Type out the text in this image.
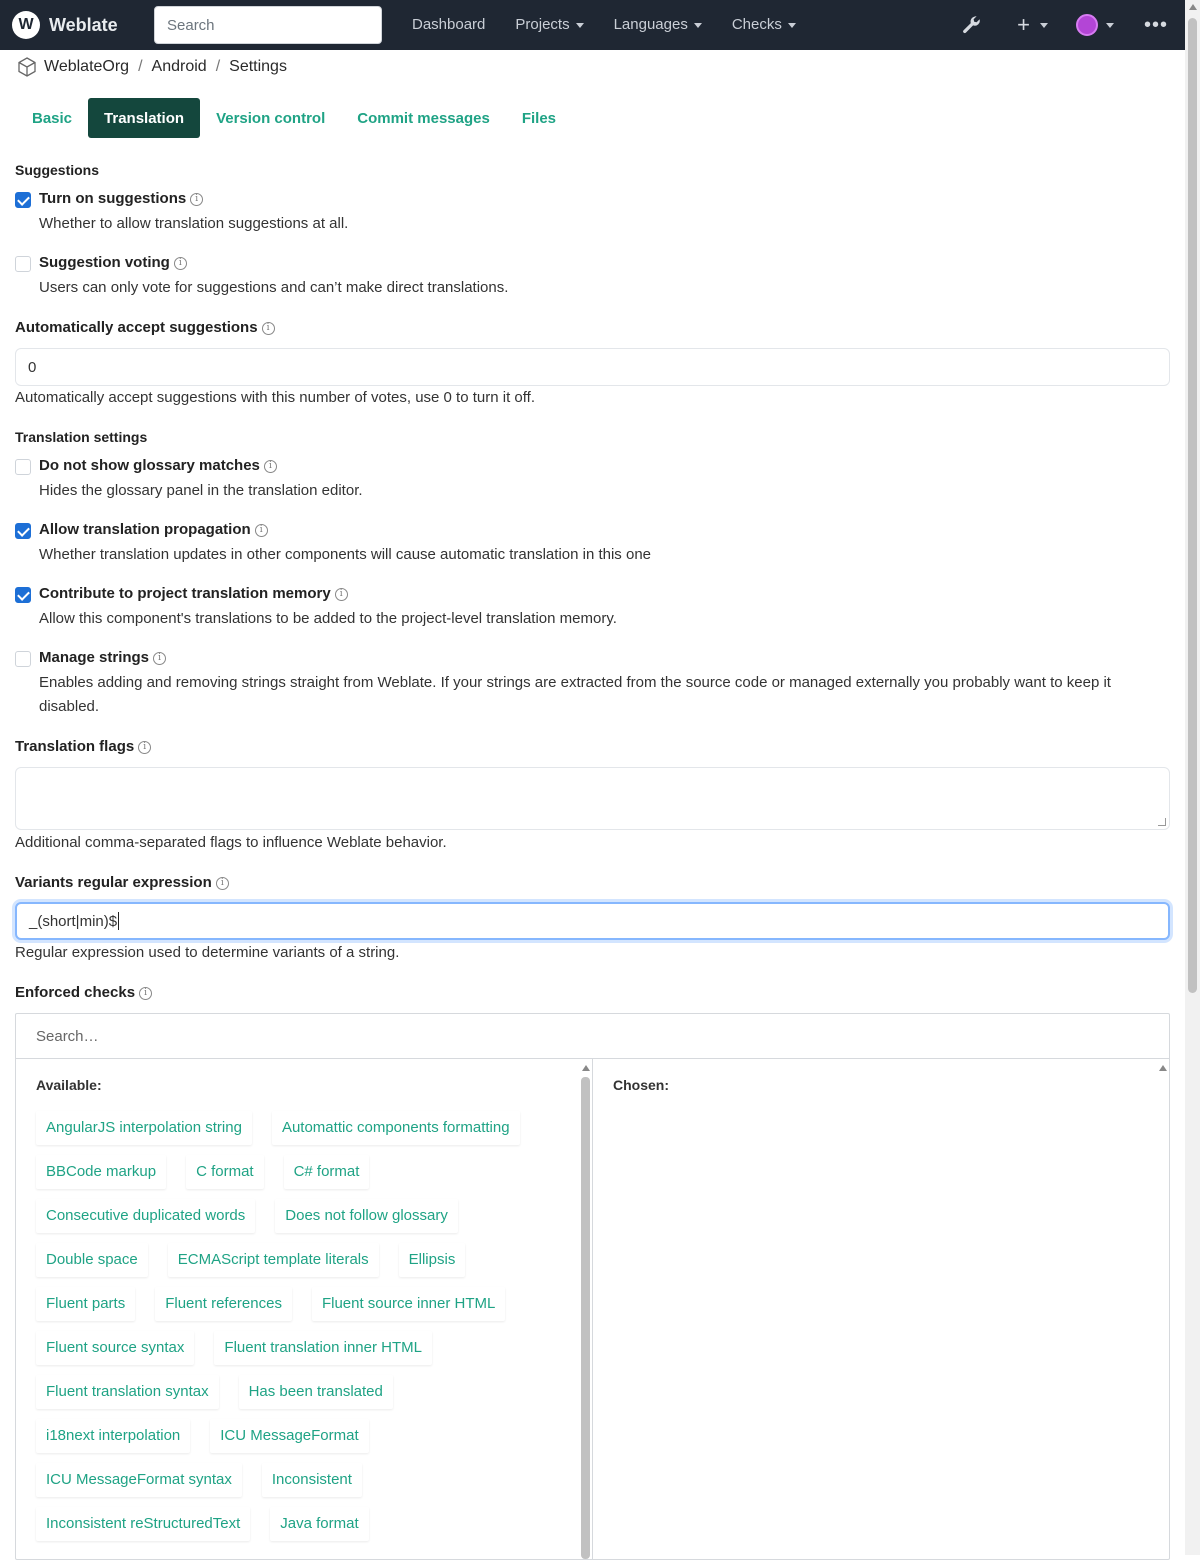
W Weblate
Search	Dashboard Projects	Languages	Checks	+	•••
WeblateOrg / Android / Settings
Basic	Translation	Version control	Commit messages	Files
Suggestions
Turn on suggestions i
Whether to allow translation suggestions at all.
Suggestion voting i
Users can only vote for suggestions and can’t make direct translations.
Automatically accept suggestions i
0
Automatically accept suggestions with this number of votes, use 0 to turn it off.
Translation settings
Do not show glossary matches i
Hides the glossary panel in the translation editor.
Allow translation propagation i
Whether translation updates in other components will cause automatic translation in this one
Contribute to project translation memory i
Allow this component's translations to be added to the project-level translation memory.
Manage strings i
Enables adding and removing strings straight from Weblate. If your strings are extracted from the source code or managed externally you probably want to keep it
disabled.
Translation flags i
Additional comma-separated flags to influence Weblate behavior.
Variants regular expression i
_(short|min)$
Regular expression used to determine variants of a string.
Enforced checks i
Search…
Available:
AngularJS interpolation string	Automattic components formatting
BBCode markup	C format	C# format
Consecutive duplicated words	Does not follow glossary
Double space	ECMAScript template literals	Ellipsis
Fluent parts	Fluent references	Fluent source inner HTML
Fluent source syntax	Fluent translation inner HTML
Fluent translation syntax	Has been translated
i18next interpolation	ICU MessageFormat
ICU MessageFormat syntax	Inconsistent
Inconsistent reStructuredText	Java format
Chosen:
